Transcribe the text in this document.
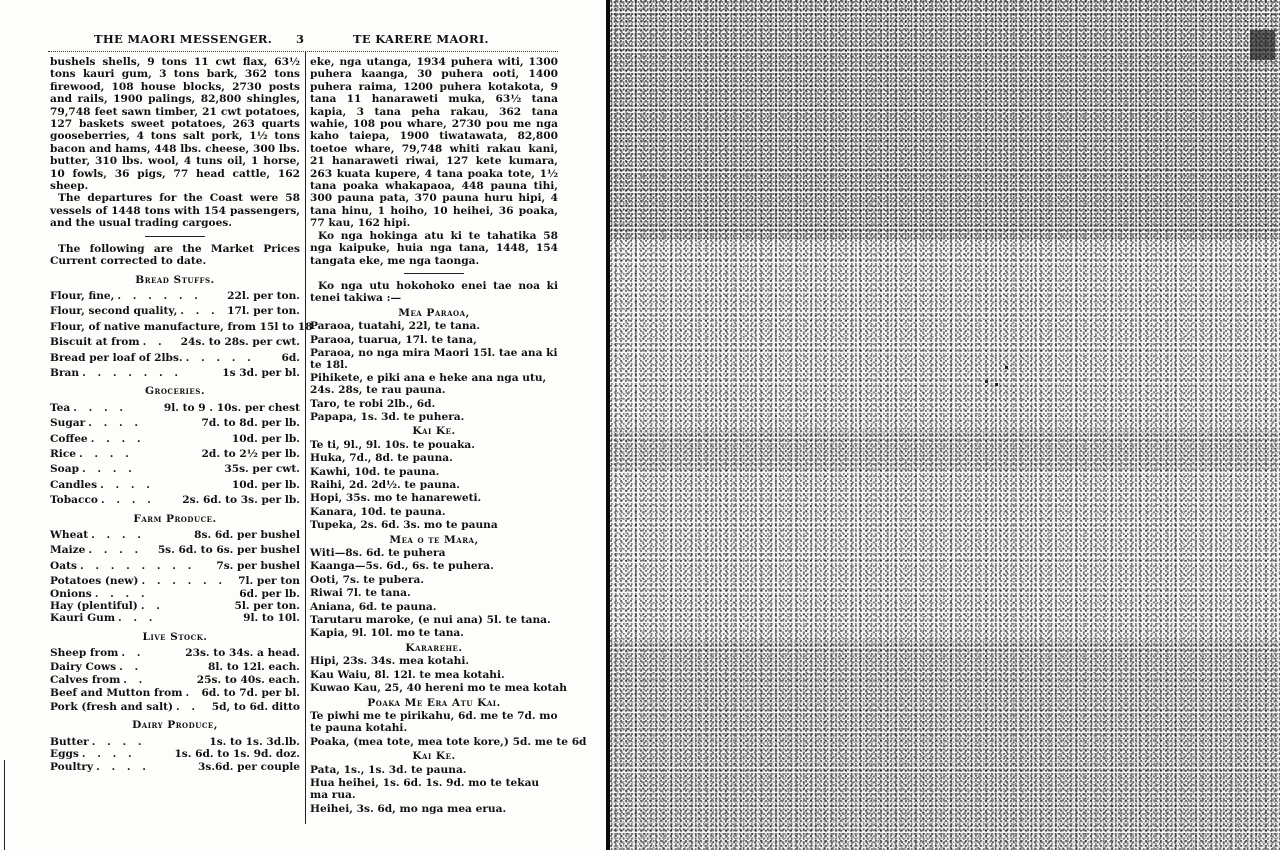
THE MAORI MESSENGER. 3	TE KARERE MAORI.

bushels shells, 9 tons 11 cwt flax, 63½ tons kauri gum, 3 tons bark, 362 tons firewood, 108 house blocks, 2730 posts and rails, 1900 palings, 82,800 shingles, 79,748 feet sawn timber, 21 cwt potatoes, 127 baskets sweet potatoes, 263 quarts gooseberries, 4 tons salt pork, 1½ tons bacon and hams, 448 lbs. cheese, 300 lbs. butter, 310 lbs. wool, 4 tuns oil, 1 horse, 10 fowls, 36 pigs, 77 head cattle, 162 sheep.

The departures for the Coast were 58 vessels of 1448 tons with 154 passengers, and the usual trading cargoes.

The following are the Market Prices Current corrected to date.

Bread Stuffs.
Flour, fine, . . . . . .	22l. per ton.
Flour, second quality, . . . 17l. per ton.
Flour, of native manufacture, from 15l to 18
Biscuit at from . .	24s. to 28s. per cwt.
Bread per loaf of 2lbs. . . . . .	6d.
Bran . . . . . . .	1s 3d. per bl.
Groceries.
Tea . . . .	9l. to 9 . 10s. per chest
Sugar . . . .	7d. to 8d. per lb.
Coffee . . . .	10d. per lb.
Rice . . . .	2d. to 2½ per lb.
Soap . . . .	35s. per cwt.
Candles . . . .	10d. per lb.
Tobacco . . . .	2s. 6d. to 3s. per lb.
Farm Produce.
Wheat . . . .	8s. 6d. per bushel
Maize . . . .	5s. 6d. to 6s. per bushel
Oats . . . . . . . .	7s. per bushel
Potatoes (new) . . . . . .	7l. per ton
Onions . . . .	6d. per lb.
Hay (plentiful) . .	5l. per ton.
Kauri Gum . . .	9l. to 10l.
Live Stock.
Sheep from . .	23s. to 34s. a head.
Dairy Cows . .	8l. to 12l. each.
Calves from . .	25s. to 40s. each.
Beef and Mutton from . 6d. to 7d. per bl.
Pork (fresh and salt) . .	5d, to 6d. ditto
Dairy Produce,
Butter . . . .	1s. to 1s. 3d.lb.
Eggs . . . .	1s. 6d. to 1s. 9d. doz.
Poultry . . . .	3s.6d. per couple

eke, nga utanga, 1934 puhera witi, 1300 puhera kaanga, 30 puhera ooti, 1400 puhera raima, 1200 puhera kotakota, 9 tana 11 hanaraweti muka, 63½ tana kapia, 3 tana peha rakau, 362 tana wahie, 108 pou whare, 2730 pou me nga kaho taiepa, 1900 tiwatawata, 82,800 toetoe whare, 79,748 whiti rakau kani, 21 hanaraweti riwai, 127 kete kumara, 263 kuata kupere, 4 tana poaka tote, 1½ tana poaka whakapaoa, 448 pauna tihi, 300 pauna pata, 370 pauna huru hipi, 4 tana hinu, 1 hoiho, 10 heihei, 36 poaka, 77 kau, 162 hipi.

Ko nga hokinga atu ki te tahatika 58 nga kaipuke, huia nga tana, 1448, 154 tangata eke, me nga taonga.

Ko nga utu hokohoko enei tae noa ki tenei takiwa :—

Mea Paraoa,
Paraoa, tuatahi, 22l, te tana.
Paraoa, tuarua, 17l. te tana,
Paraoa, no nga mira Maori 15l. tae ana ki te 18l.
Pihikete, e piki ana e heke ana nga utu, 24s. 28s, te rau pauna.
Taro, te robi 2lb., 6d.
Papapa, 1s. 3d. te puhera.
Kai Ke.
Te ti, 9l., 9l. 10s. te pouaka.
Huka, 7d., 8d. te pauna.
Kawhi, 10d. te pauna.
Raihi, 2d. 2d½. te pauna.
Hopi, 35s. mo te hanareweti.
Kanara, 10d. te pauna.
Tupeka, 2s. 6d. 3s. mo te pauna
Mea o te Mara,
Witi—8s. 6d. te puhera
Kaanga—5s. 6d., 6s. te puhera.
Ooti, 7s. te pubera.
Riwai 7l. te tana.
Aniana, 6d. te pauna.
Tarutaru maroke, (e nui ana) 5l. te tana.
Kapia, 9l. 10l. mo te tana.
Kararehe.
Hipi, 23s. 34s. mea kotahi.
Kau Waiu, 8l. 12l. te mea kotahi.
Kuwao Kau, 25, 40 hereni mo te mea kotah
Poaka Me Era Atu Kai.
Te piwhi me te pirikahu, 6d. me te 7d. mo te pauna kotahi.
Poaka, (mea tote, mea tote kore,) 5d. me te 6d
Kai Ke.
Pata, 1s., 1s. 3d. te pauna.
Hua heihei, 1s. 6d. 1s. 9d. mo te tekau ma rua.
Heihei, 3s. 6d, mo nga mea erua.
